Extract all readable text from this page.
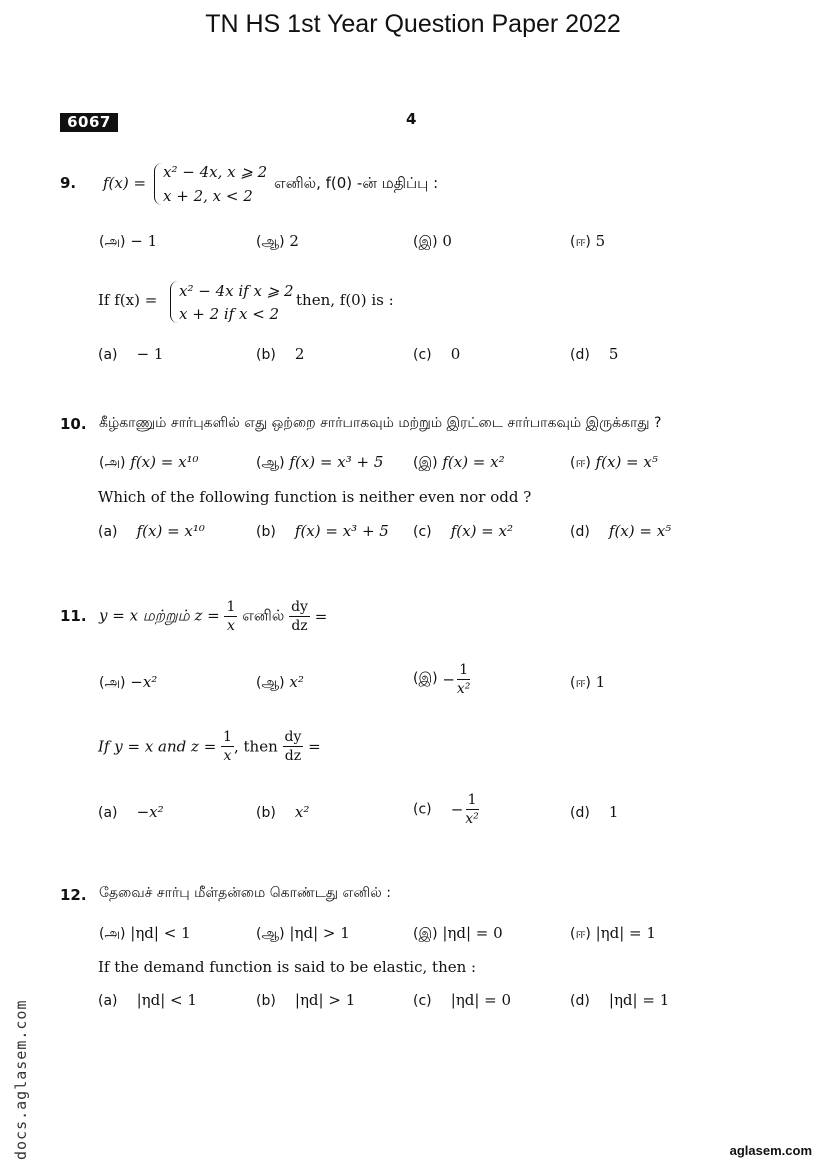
TN HS 1st Year Question Paper 2022
6067	4
9. f(x) =
x² − 4x, x ⩾ 2
x + 2, x < 2
எனில், f(0) -ன் மதிப்பு :
(அ) − 1	(ஆ) 2	(இ) 0	(ஈ) 5
If f(x) = x² − 4x if x ⩾ 2
x + 2 if x < 2
then, f(0) is :
(a) − 1	(b) 2	(c) 0	(d) 5
10. கீழ்காணும் சார்புகளில் எது ஒற்றை சார்பாகவும் மற்றும் இரட்டை சார்பாகவும் இருக்காது ?
(அ) f(x) = x¹⁰	(ஆ) f(x) = x³ + 5 (இ) f(x) = x²	(ஈ) f(x) = x⁵
Which of the following function is neither even nor odd ?
(a) f(x) = x¹⁰	(b) f(x) = x³ + 5 (c) f(x) = x²	(d) f(x) = x⁵
11. y = x மற்றும் $z = \frac{1}{x}$ எனில் $\frac{dy}{dz}$ =
(அ) −x²	(ஆ) x²	(இ) − $\frac{1}{\text{x²}}$	(ஈ) 1
If y = x and $z = \frac{1}{x}$ , then $\frac{dy}{dz}$ =
(a) −x²	(b) x²	$(c) - \frac{1}{\text{x²}}$	(d) 1
12. தேவைச் சார்பு மீள்தன்மை கொண்டது எனில் :
(அ) |ηd| < 1	(ஆ) |ηd| > 1	(இ) |ηd| = 0	(ஈ) |ηd| = 1
If the demand function is said to be elastic, then :
(a) |ηd| < 1	(b) |ηd| > 1	(c) |ηd| = 0	(d) |ηd| = 1
docs.aglasem.com	aglasem.com
